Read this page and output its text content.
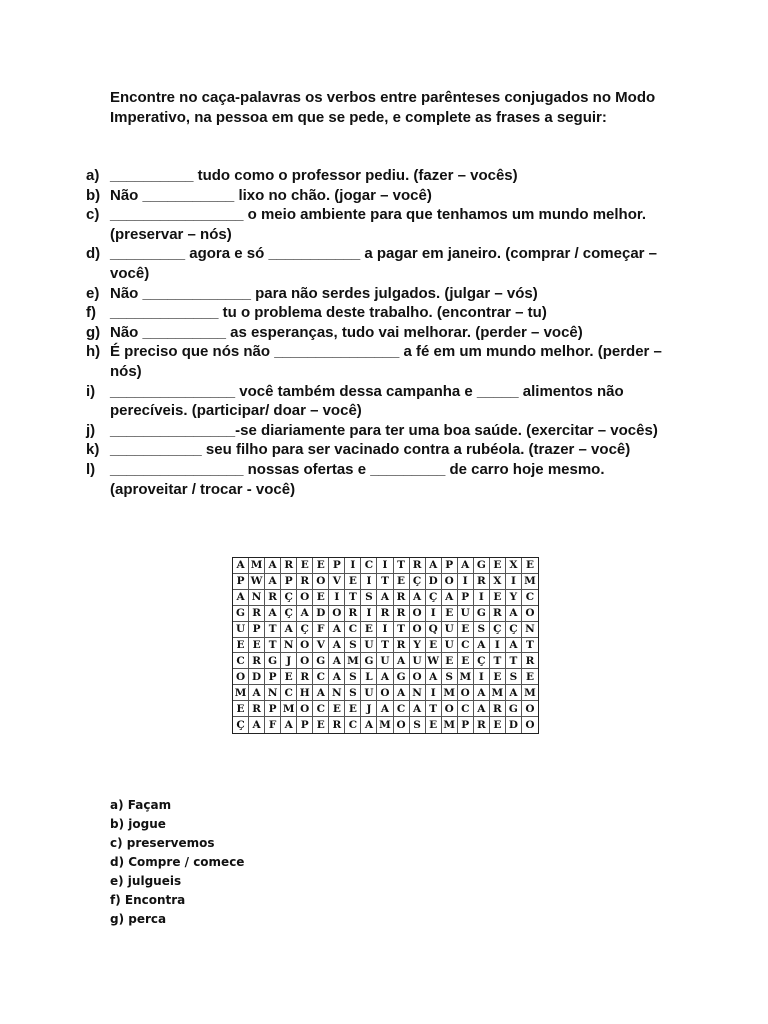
Encontre no caça-palavras os verbos entre parênteses conjugados no Modo Imperativo, na pessoa em que se pede, e complete as frases a seguir:
a) __________ tudo como o professor pediu. (fazer – vocês)
b) Não ___________ lixo no chão. (jogar – você)
c) ________________ o meio ambiente para que tenhamos um mundo melhor. (preservar – nós)
d) _________ agora e só ___________ a pagar em janeiro. (comprar / começar – você)
e) Não _____________ para não serdes julgados. (julgar – vós)
f) _____________ tu o problema deste trabalho. (encontrar – tu)
g) Não __________ as esperanças, tudo vai melhorar. (perder – você)
h) É preciso que nós não _______________ a fé em um mundo melhor. (perder – nós)
i) _______________ você também dessa campanha e _____ alimentos não perecíveis. (participar/ doar – você)
j) _______________-se diariamente para ter uma boa saúde. (exercitar – vocês)
k) ___________ seu filho para ser vacinado contra a rubéola. (trazer – você)
l) ________________ nossas ofertas e _________ de carro hoje mesmo. (aproveitar / trocar - você)
A M A R E E P I C I T R A P A G E X E
P W A P R O V E I T E Ç D O I R X I M
A N R Ç O E I T S A R A Ç A P I E Y C
G R A Ç A D O R I R R O I E U G R A O
U P T A Ç F A C E I T O Q U E S Ç Ç N
E E T N O V A S U T R Y E U C A I A T
C R G J O G A M G U A U W E E Ç T T R
O D P E R C A S L A G O A S M I E S E
M A N C H A N S U O A N I M O A M A M
E R P M O C E E J A C A T O C A R G O
Ç A F A P E R C A M O S E M P R E D O
a) Façam
b) jogue
c) preservemos
d) Compre / comece
e) julgueis
f) Encontra
g) perca
